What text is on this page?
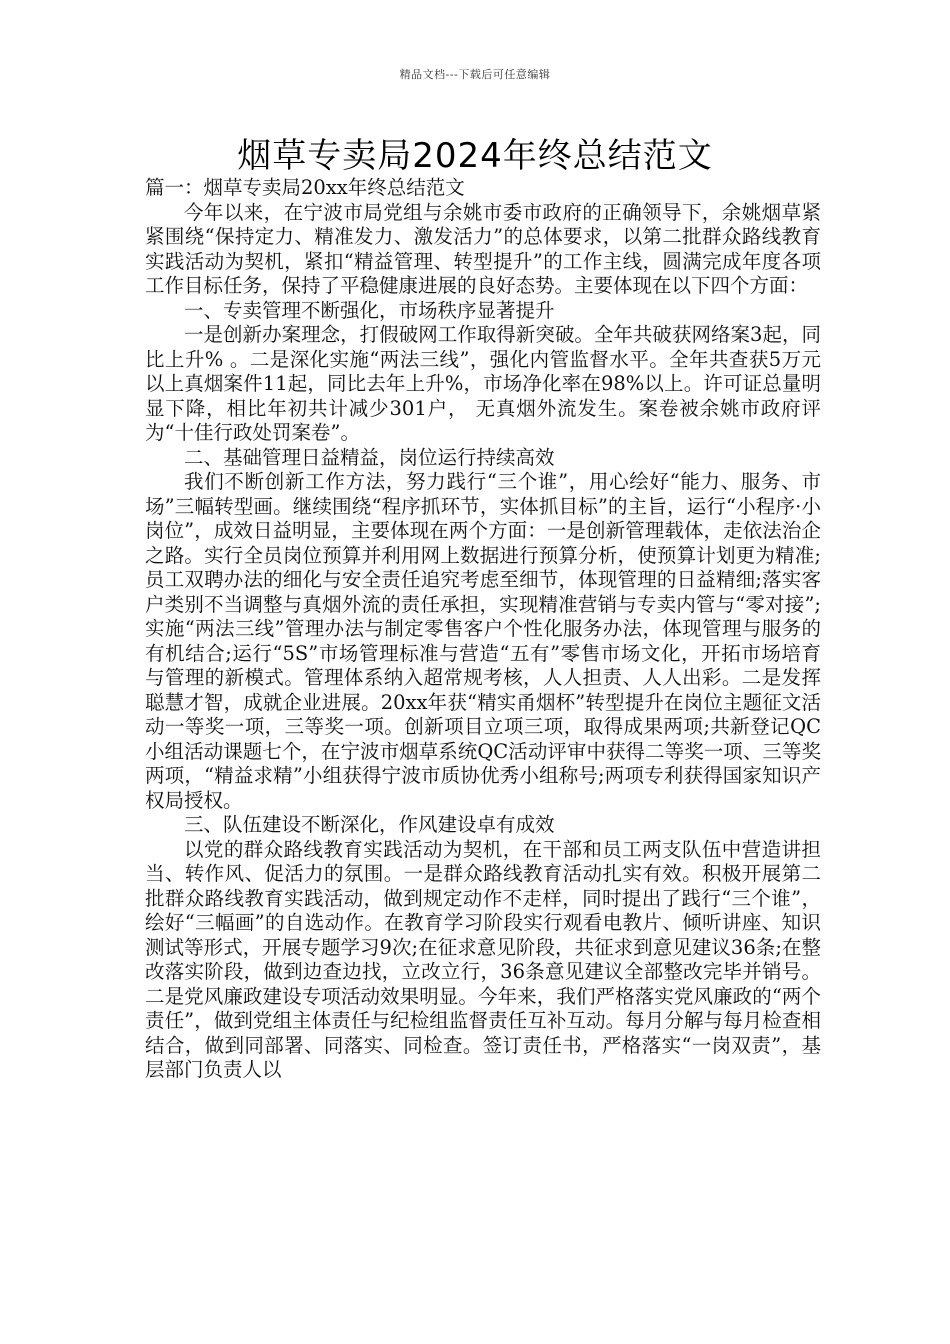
精品文档---下载后可任意编辑
烟草专卖局2024年终总结范文

篇一：烟草专卖局20xx年终总结范文

今年以来，在宁波市局党组与余姚市委市政府的正确领导下，余姚烟草紧紧围绕“保持定力、精准发力、激发活力”的总体要求，以第二批群众路线教育实践活动为契机，紧扣“精益管理、转型提升”的工作主线，圆满完成年度各项工作目标任务，保持了平稳健康进展的良好态势。主要体现在以下四个方面：

一、专卖管理不断强化，市场秩序显著提升

一是创新办案理念，打假破网工作取得新突破。全年共破获网络案3起，同比上升% 。二是深化实施“两法三线”，强化内管监督水平。全年共查获5万元以上真烟案件11起，同比去年上升%，市场净化率在98%以上。许可证总量明显下降，相比年初共计减少301户， 无真烟外流发生。案卷被余姚市政府评为“十佳行政处罚案卷”。

二、基础管理日益精益，岗位运行持续高效

我们不断创新工作方法，努力践行“三个谁”，用心绘好“能力、服务、市场”三幅转型画。继续围绕“程序抓环节，实体抓目标”的主旨，运行“小程序·小岗位”，成效日益明显，主要体现在两个方面：一是创新管理载体，走依法治企之路。实行全员岗位预算并利用网上数据进行预算分析，使预算计划更为精准;员工双聘办法的细化与安全责任追究考虑至细节，体现管理的日益精细;落实客户类别不当调整与真烟外流的责任承担，实现精准营销与专卖内管与“零对接”;实施“两法三线”管理办法与制定零售客户个性化服务办法，体现管理与服务的有机结合;运行“5S”市场管理标准与营造“五有”零售市场文化，开拓市场培育与管理的新模式。管理体系纳入超常规考核，人人担责、人人出彩。二是发挥聪慧才智，成就企业进展。20xx年获“精实甬烟杯”转型提升在岗位主题征文活动一等奖一项，三等奖一项。创新项目立项三项，取得成果两项;共新登记QC小组活动课题七个，在宁波市烟草系统QC活动评审中获得二等奖一项、三等奖两项，“精益求精”小组获得宁波市质协优秀小组称号;两项专利获得国家知识产权局授权。

三、队伍建设不断深化，作风建设卓有成效

以党的群众路线教育实践活动为契机，在干部和员工两支队伍中营造讲担当、转作风、促活力的氛围。一是群众路线教育活动扎实有效。积极开展第二批群众路线教育实践活动，做到规定动作不走样，同时提出了践行“三个谁”，绘好“三幅画”的自选动作。在教育学习阶段实行观看电教片、倾听讲座、知识测试等形式，开展专题学习9次;在征求意见阶段，共征求到意见建议36条;在整改落实阶段，做到边查边找，立改立行，36条意见建议全部整改完毕并销号。二是党风廉政建设专项活动效果明显。今年来，我们严格落实党风廉政的“两个责任”，做到党组主体责任与纪检组监督责任互补互动。每月分解与每月检查相结合，做到同部署、同落实、同检查。签订责任书，严格落实“一岗双责”，基层部门负责人以
